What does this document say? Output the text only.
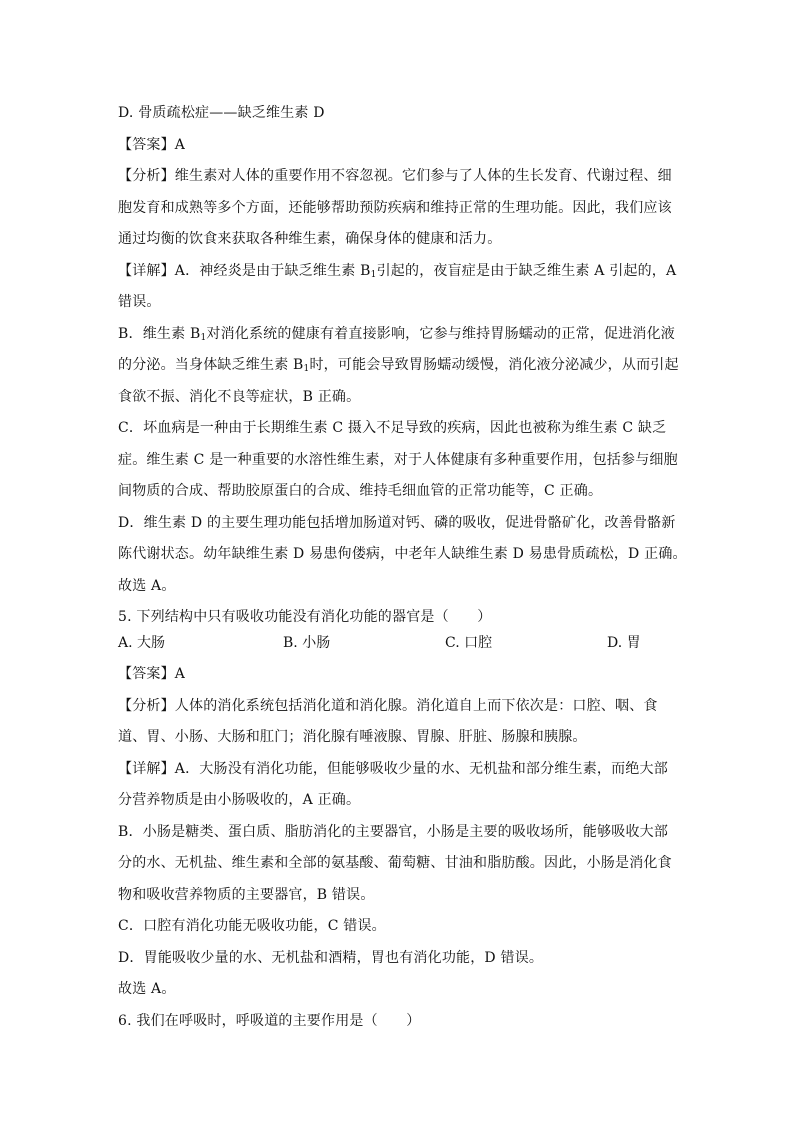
D. 骨质疏松症——缺乏维生素 D
【答案】A
【分析】维生素对人体的重要作用不容忽视。它们参与了人体的生长发育、代谢过程、细
胞发育和成熟等多个方面，还能够帮助预防疾病和维持正常的生理功能。因此，我们应该
通过均衡的饮食来获取各种维生素，确保身体的健康和活力。
【详解】A．神经炎是由于缺乏维生素 $B_1$引起的，夜盲症是由于缺乏维生素 A 引起的，A
错误。
B．维生素 $B_1$对消化系统的健康有着直接影响，它参与维持胃肠蠕动的正常，促进消化液
的分泌。当身体缺乏维生素 $B_1$时，可能会导致胃肠蠕动缓慢，消化液分泌减少，从而引起
食欲不振、消化不良等症状，B 正确。
C．坏血病是一种由于长期维生素 C 摄入不足导致的疾病，因此也被称为维生素 C 缺乏
症。维生素 C 是一种重要的水溶性维生素，对于人体健康有多种重要作用，包括参与细胞
间物质的合成、帮助胶原蛋白的合成、维持毛细血管的正常功能等，C 正确。
D．维生素 D 的主要生理功能包括增加肠道对钙、磷的吸收，促进骨骼矿化，改善骨骼新
陈代谢状态。幼年缺维生素 D 易患佝偻病，中老年人缺维生素 D 易患骨质疏松，D 正确。
故选 A。
5. 下列结构中只有吸收功能没有消化功能的器官是（　　）
A. 大肠	B. 小肠	C. 口腔	D. 胃
【答案】A
【分析】人体的消化系统包括消化道和消化腺。消化道自上而下依次是：口腔、咽、食
道、胃、小肠、大肠和肛门；消化腺有唾液腺、胃腺、肝脏、肠腺和胰腺。
【详解】A．大肠没有消化功能，但能够吸收少量的水、无机盐和部分维生素，而绝大部
分营养物质是由小肠吸收的，A 正确。
B．小肠是糖类、蛋白质、脂肪消化的主要器官，小肠是主要的吸收场所，能够吸收大部
分的水、无机盐、维生素和全部的氨基酸、葡萄糖、甘油和脂肪酸。因此，小肠是消化食
物和吸收营养物质的主要器官，B 错误。
C．口腔有消化功能无吸收功能，C 错误。
D．胃能吸收少量的水、无机盐和酒精，胃也有消化功能，D 错误。
故选 A。
6. 我们在呼吸时，呼吸道的主要作用是（　　）
